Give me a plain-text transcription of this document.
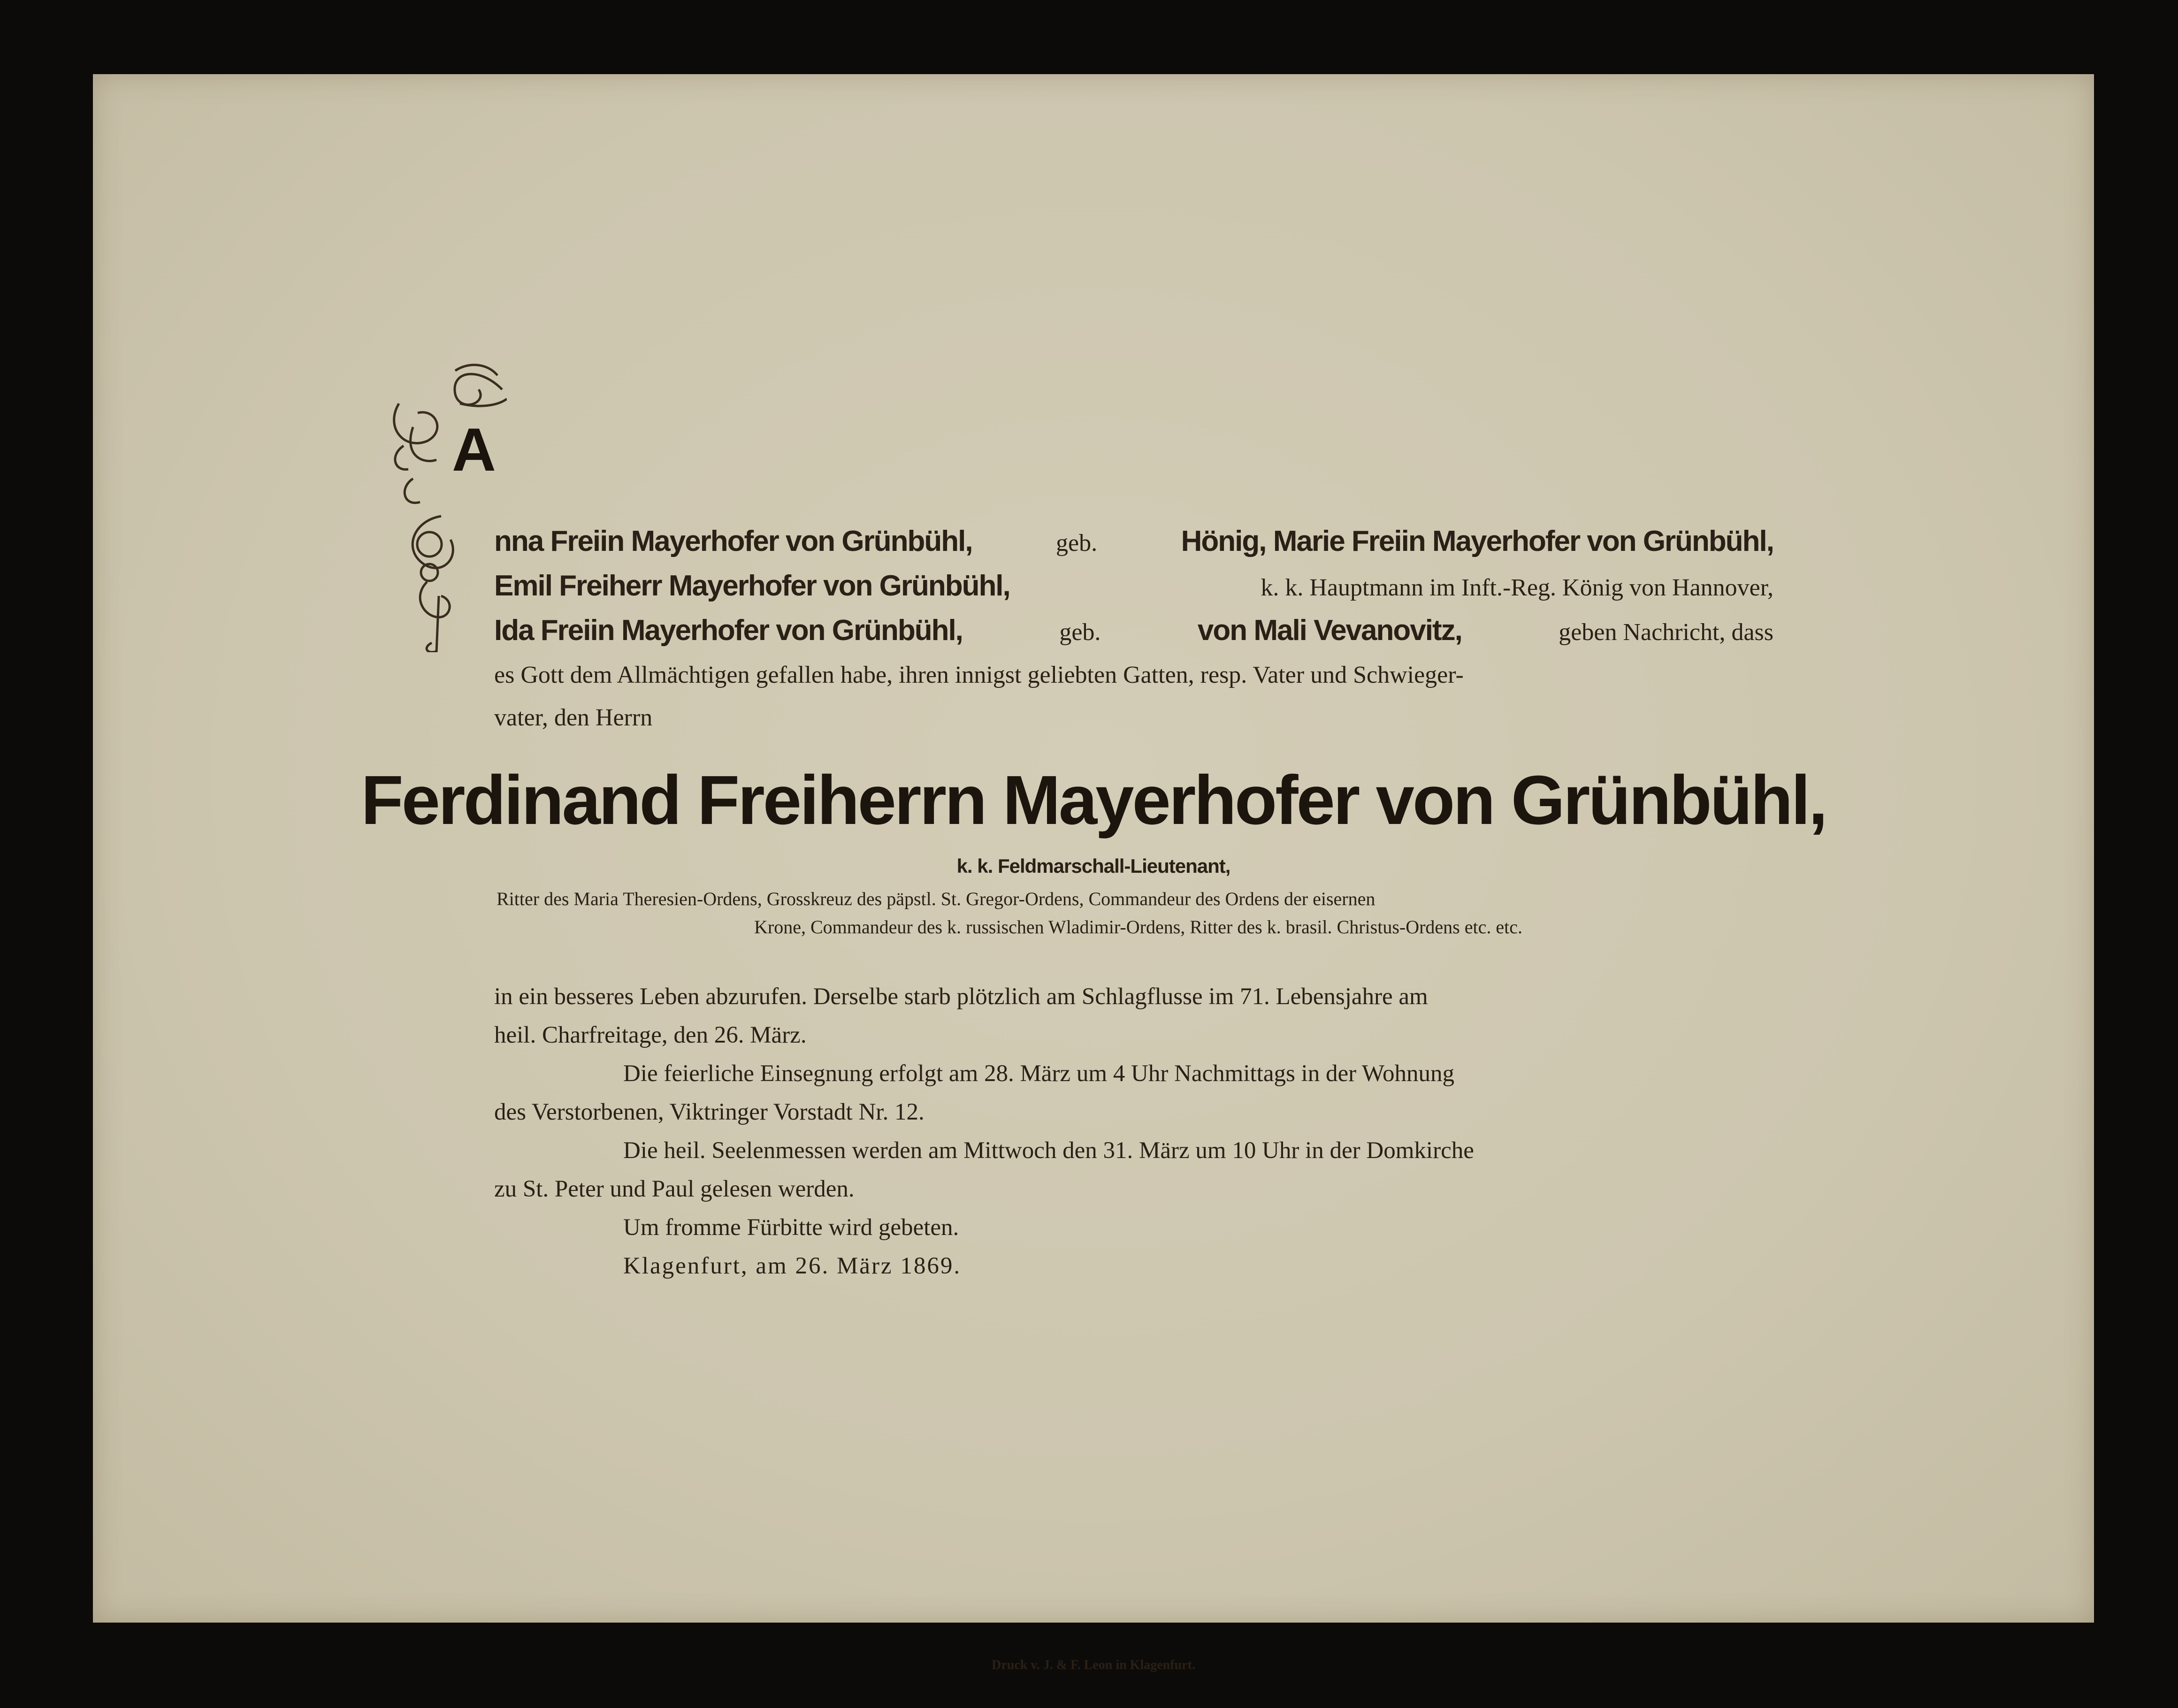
A
nna Freiin Mayerhofer von Grünbühl,	geb.	Hönig, Marie Freiin Mayerhofer von Grünbühl,
Emil Freiherr Mayerhofer von Grünbühl,	k. k. Hauptmann im Inft.-Reg. König von Hannover,
Ida Freiin Mayerhofer von Grünbühl,	geb.	von Mali Vevanovitz,	geben Nachricht, dass
es Gott dem Allmächtigen gefallen habe, ihren innigst geliebten Gatten, resp. Vater und Schwieger-
vater, den Herrn
Ferdinand Freiherrn Mayerhofer von Grünbühl,
k. k. Feldmarschall-Lieutenant,
Ritter des Maria Theresien-Ordens, Grosskreuz des päpstl. St. Gregor-Ordens, Commandeur des Ordens der eisernen
Krone, Commandeur des k. russischen Wladimir-Ordens, Ritter des k. brasil. Christus-Ordens etc. etc.

in ein besseres Leben abzurufen. Derselbe starb plötzlich am Schlagflusse im 71. Lebensjahre am

heil. Charfreitage, den 26. März.

Die feierliche Einsegnung erfolgt am 28. März um 4 Uhr Nachmittags in der Wohnung

des Verstorbenen, Viktringer Vorstadt Nr. 12.

Die heil. Seelenmessen werden am Mittwoch den 31. März um 10 Uhr in der Domkirche

zu St. Peter und Paul gelesen werden.

Um fromme Fürbitte wird gebeten.

Klagenfurt, am 26. März 1869.

Druck v. J. & F. Leon in Klagenfurt.
